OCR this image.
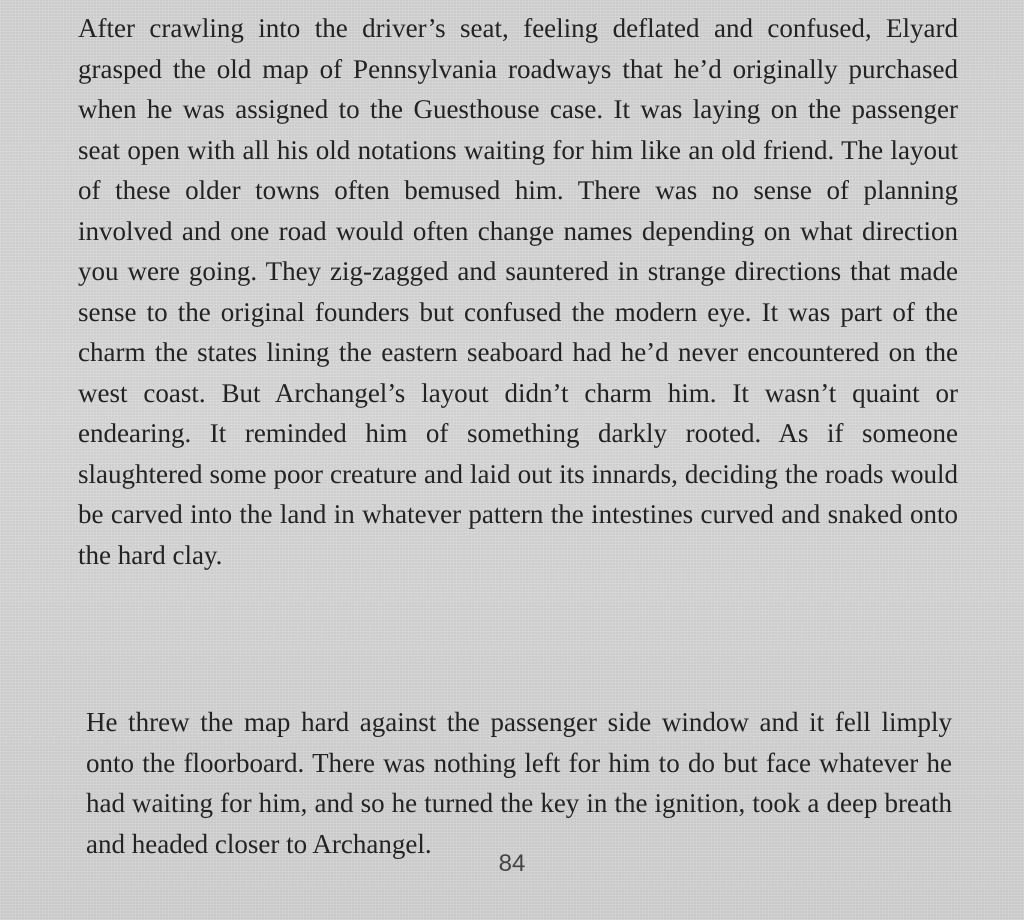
After crawling into the driver’s seat, feeling deflated and confused, Elyard grasped the old map of Pennsylvania roadways that he’d originally purchased when he was assigned to the Guesthouse case. It was laying on the passenger seat open with all his old notations waiting for him like an old friend. The layout of these older towns often bemused him. There was no sense of planning involved and one road would often change names depending on what direction you were going. They zig-zagged and sauntered in strange directions that made sense to the original founders but confused the modern eye. It was part of the charm the states lining the eastern seaboard had he’d never encountered on the west coast. But Archangel’s layout didn’t charm him. It wasn’t quaint or endearing. It reminded him of something darkly rooted. As if someone slaughtered some poor creature and laid out its innards, deciding the roads would be carved into the land in whatever pattern the intestines curved and snaked onto the hard clay.

He threw the map hard against the passenger side window and it fell limply onto the floorboard. There was nothing left for him to do but face whatever he had waiting for him, and so he turned the key in the ignition, took a deep breath and headed closer to Archangel.

84
